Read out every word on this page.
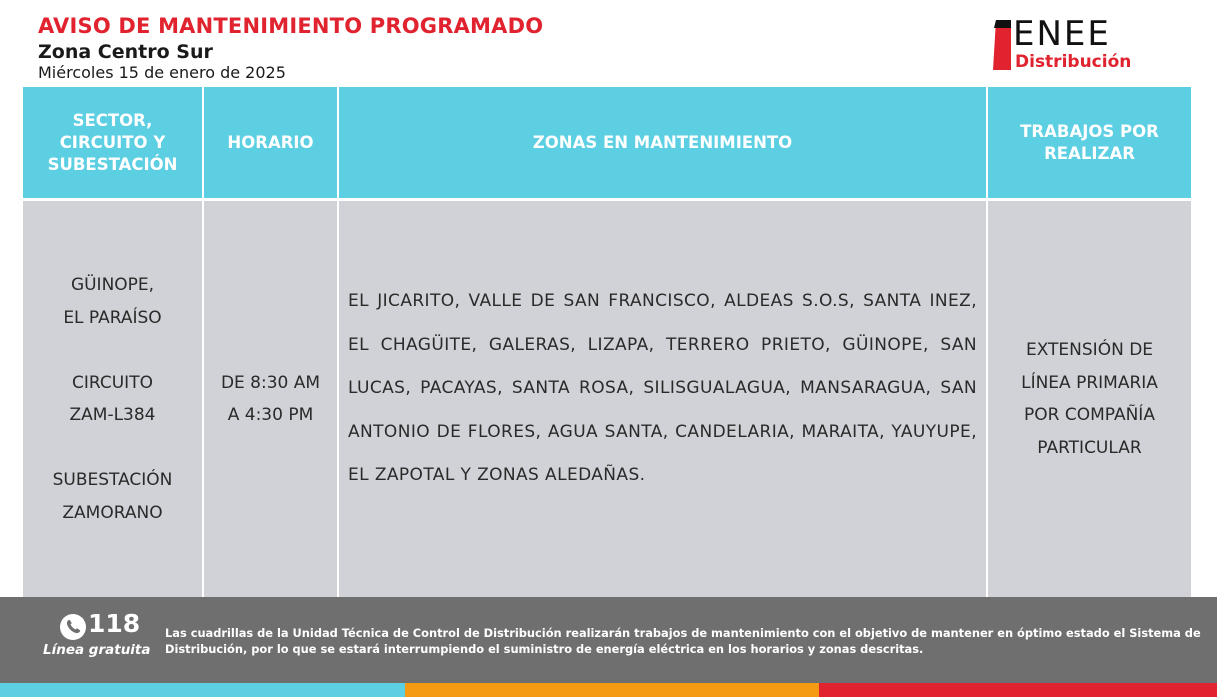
AVISO DE MANTENIMIENTO PROGRAMADO
Zona Centro Sur
Miércoles 15 de enero de 2025
ENEE
Distribución
SECTOR, CIRCUITO Y SUBESTACIÓN
HORARIO	ZONAS EN MANTENIMIENTO
TRABAJOS POR REALIZAR
GÜINOPE,
EL PARAÍSO
CIRCUITO
ZAM-L384
SUBESTACIÓN
ZAMORANO
DE 8:30 AM
A 4:30 PM
EL JICARITO, VALLE DE SAN FRANCISCO, ALDEAS S.O.S, SANTA INEZ, EL CHAGÜITE, GALERAS, LIZAPA, TERRERO PRIETO, GÜINOPE, SAN LUCAS, PACAYAS, SANTA ROSA, SILISGUALAGUA, MANSARAGUA, SAN ANTONIO DE FLORES, AGUA SANTA, CANDELARIA, MARAITA, YAUYUPE, EL ZAPOTAL Y ZONAS ALEDAÑAS.
EXTENSIÓN DE
LÍNEA PRIMARIA
POR COMPAÑÍA
PARTICULAR
118
Línea gratuita
Las cuadrillas de la Unidad Técnica de Control de Distribución realizarán trabajos de mantenimiento con el objetivo de mantener en óptimo estado el Sistema de Distribución, por lo que se estará interrumpiendo el suministro de energía eléctrica en los horarios y zonas descritas.
